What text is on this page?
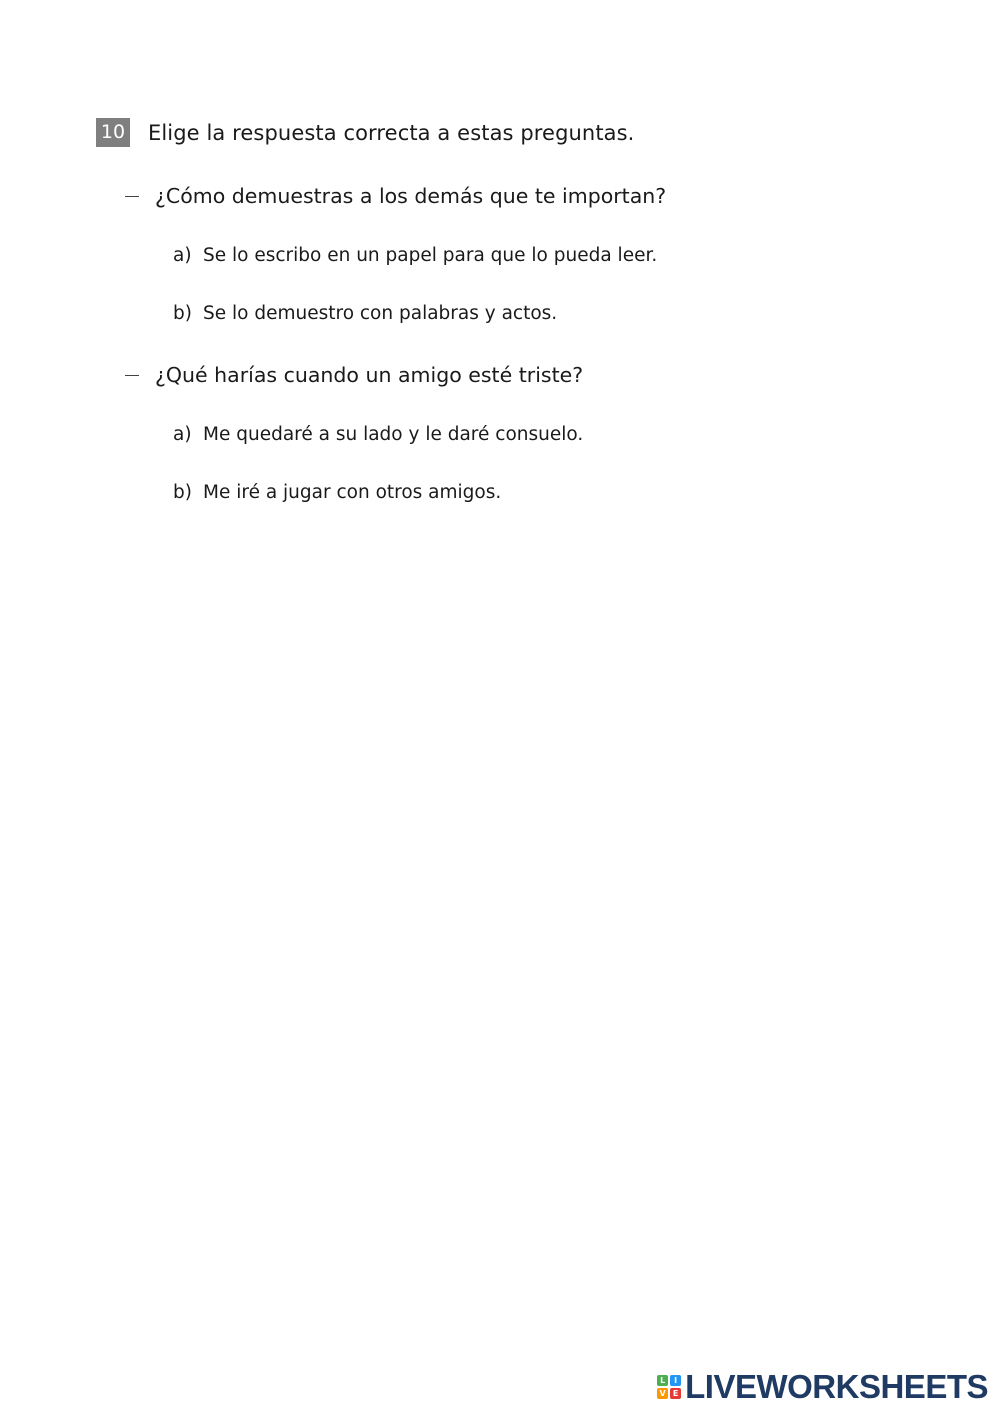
10 Elige la respuesta correcta a estas preguntas.
¿Cómo demuestras a los demás que te importan?
a) Se lo escribo en un papel para que lo pueda leer.
b) Se lo demuestro con palabras y actos.
¿Qué harías cuando un amigo esté triste?
a) Me quedaré a su lado y le daré consuelo.
b) Me iré a jugar con otros amigos.
L	I
V E LIVEWORKSHEETS
